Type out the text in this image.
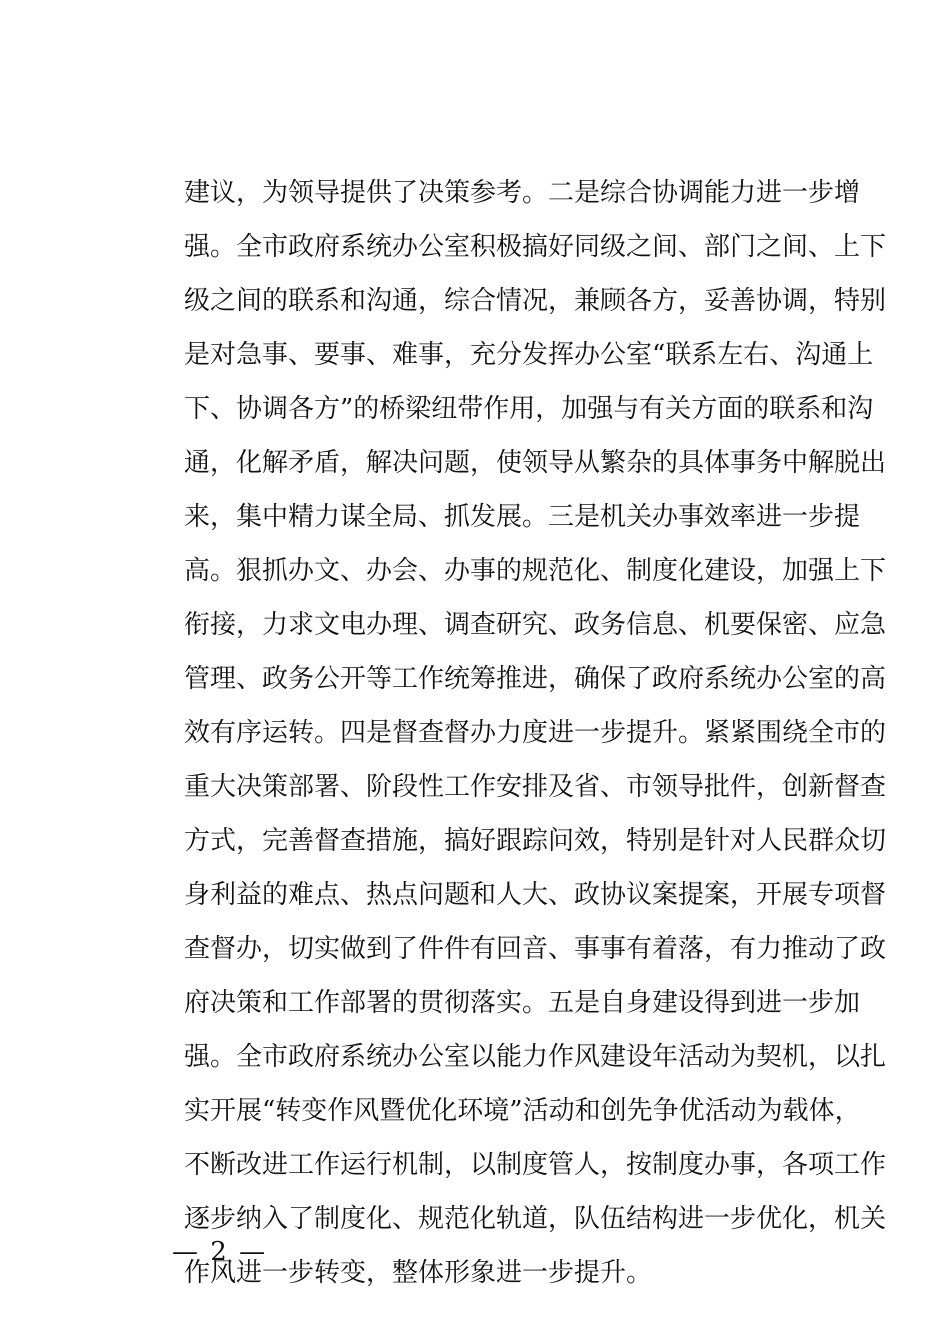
建议，为领导提供了决策参考。二是综合协调能力进一步增
强。全市政府系统办公室积极搞好同级之间、部门之间、上下
级之间的联系和沟通，综合情况，兼顾各方，妥善协调，特别
是对急事、要事、难事，充分发挥办公室“联系左右、沟通上
下、协调各方”的桥梁纽带作用，加强与有关方面的联系和沟
通，化解矛盾，解决问题，使领导从繁杂的具体事务中解脱出
来，集中精力谋全局、抓发展。三是机关办事效率进一步提
高。狠抓办文、办会、办事的规范化、制度化建设，加强上下
衔接，力求文电办理、调查研究、政务信息、机要保密、应急
管理、政务公开等工作统筹推进，确保了政府系统办公室的高
效有序运转。四是督查督办力度进一步提升。紧紧围绕全市的
重大决策部署、阶段性工作安排及省、市领导批件，创新督查
方式，完善督查措施，搞好跟踪问效，特别是针对人民群众切
身利益的难点、热点问题和人大、政协议案提案，开展专项督
查督办，切实做到了件件有回音、事事有着落，有力推动了政
府决策和工作部署的贯彻落实。五是自身建设得到进一步加
强。全市政府系统办公室以能力作风建设年活动为契机，以扎
实开展“转变作风暨优化环境”活动和创先争优活动为载体，
不断改进工作运行机制，以制度管人，按制度办事，各项工作
逐步纳入了制度化、规范化轨道，队伍结构进一步优化，机关
作风进一步转变，整体形象进一步提升。
— 2 —
